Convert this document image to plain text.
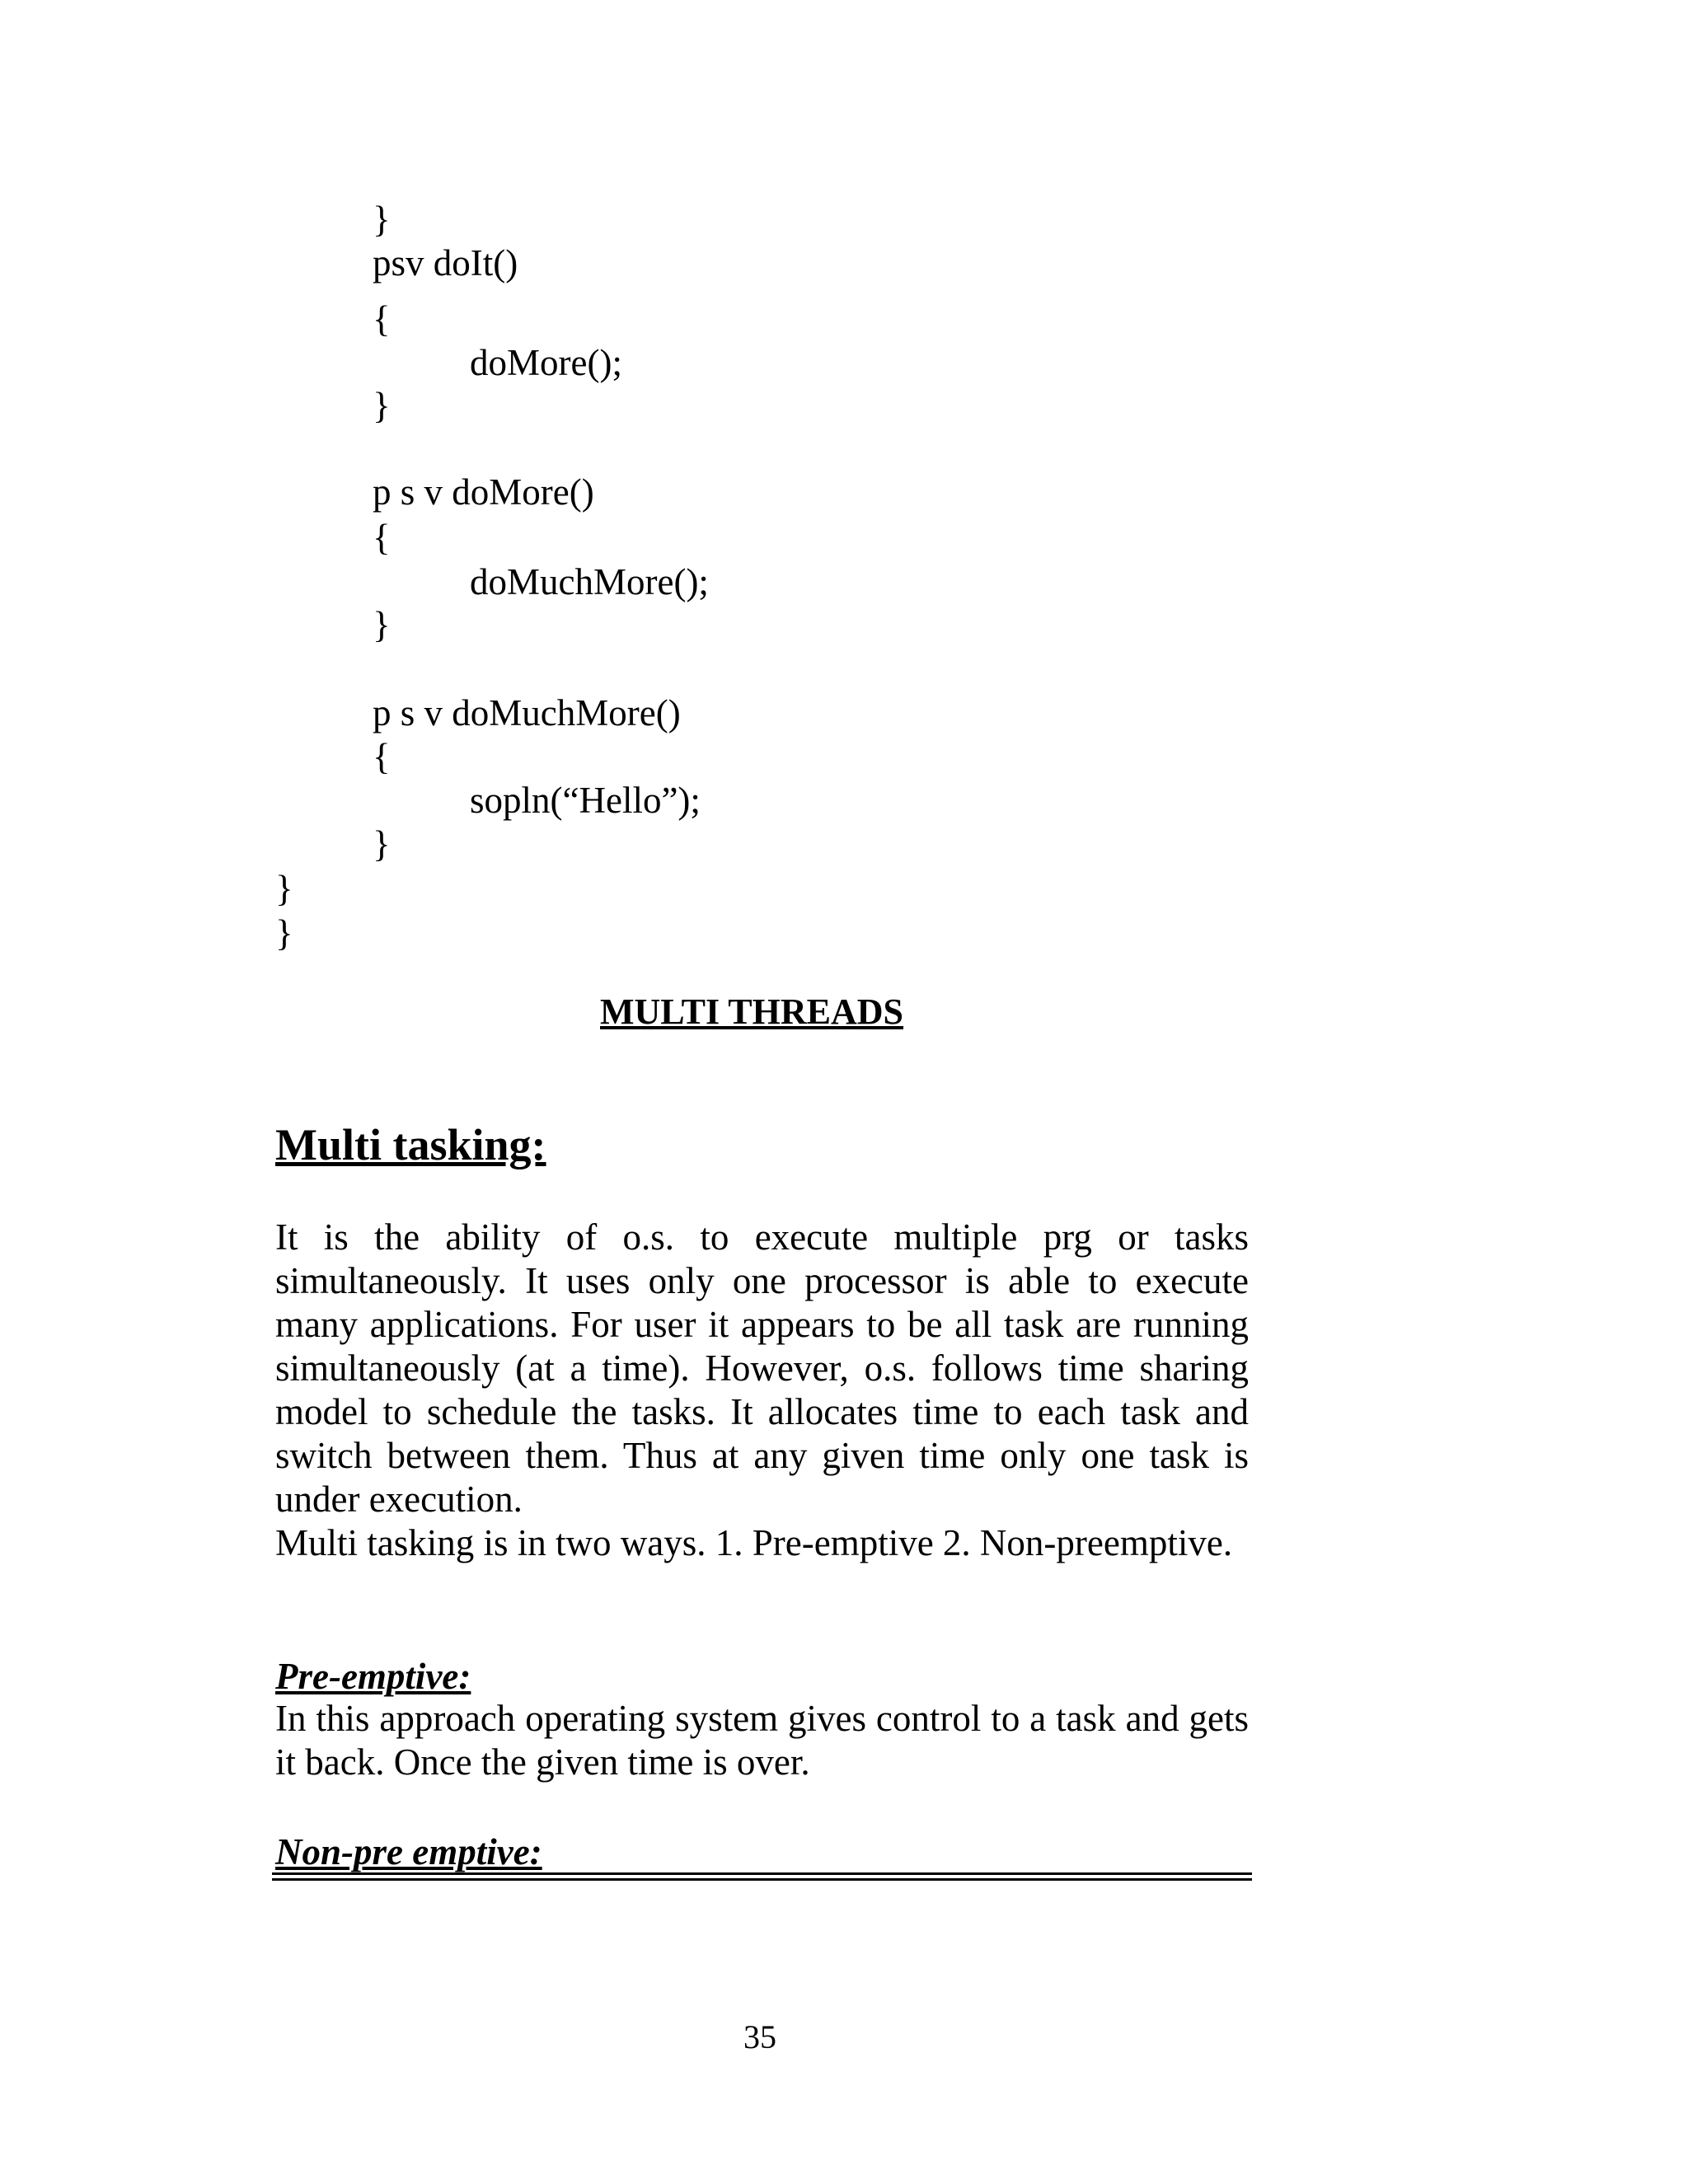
}
psv doIt()
{
doMore();
}
p s v doMore()
{
doMuchMore();
}
p s v doMuchMore()
{
sopln(“Hello”);
}
}
}
MULTI THREADS
Multi tasking:
It is the ability of o.s. to execute multiple prg or tasks simultaneously. It uses only one processor is able to execute many applications. For user it appears to be all task are running simultaneously (at a time). However, o.s. follows time sharing model to schedule the tasks. It allocates time to each task and switch between them. Thus at any given time only one task is under execution.
Multi tasking is in two ways. 1. Pre-emptive 2. Non-preemptive.
Pre-emptive:
In this approach operating system gives control to a task and gets it back. Once the given time is over.
Non-pre emptive:
35
